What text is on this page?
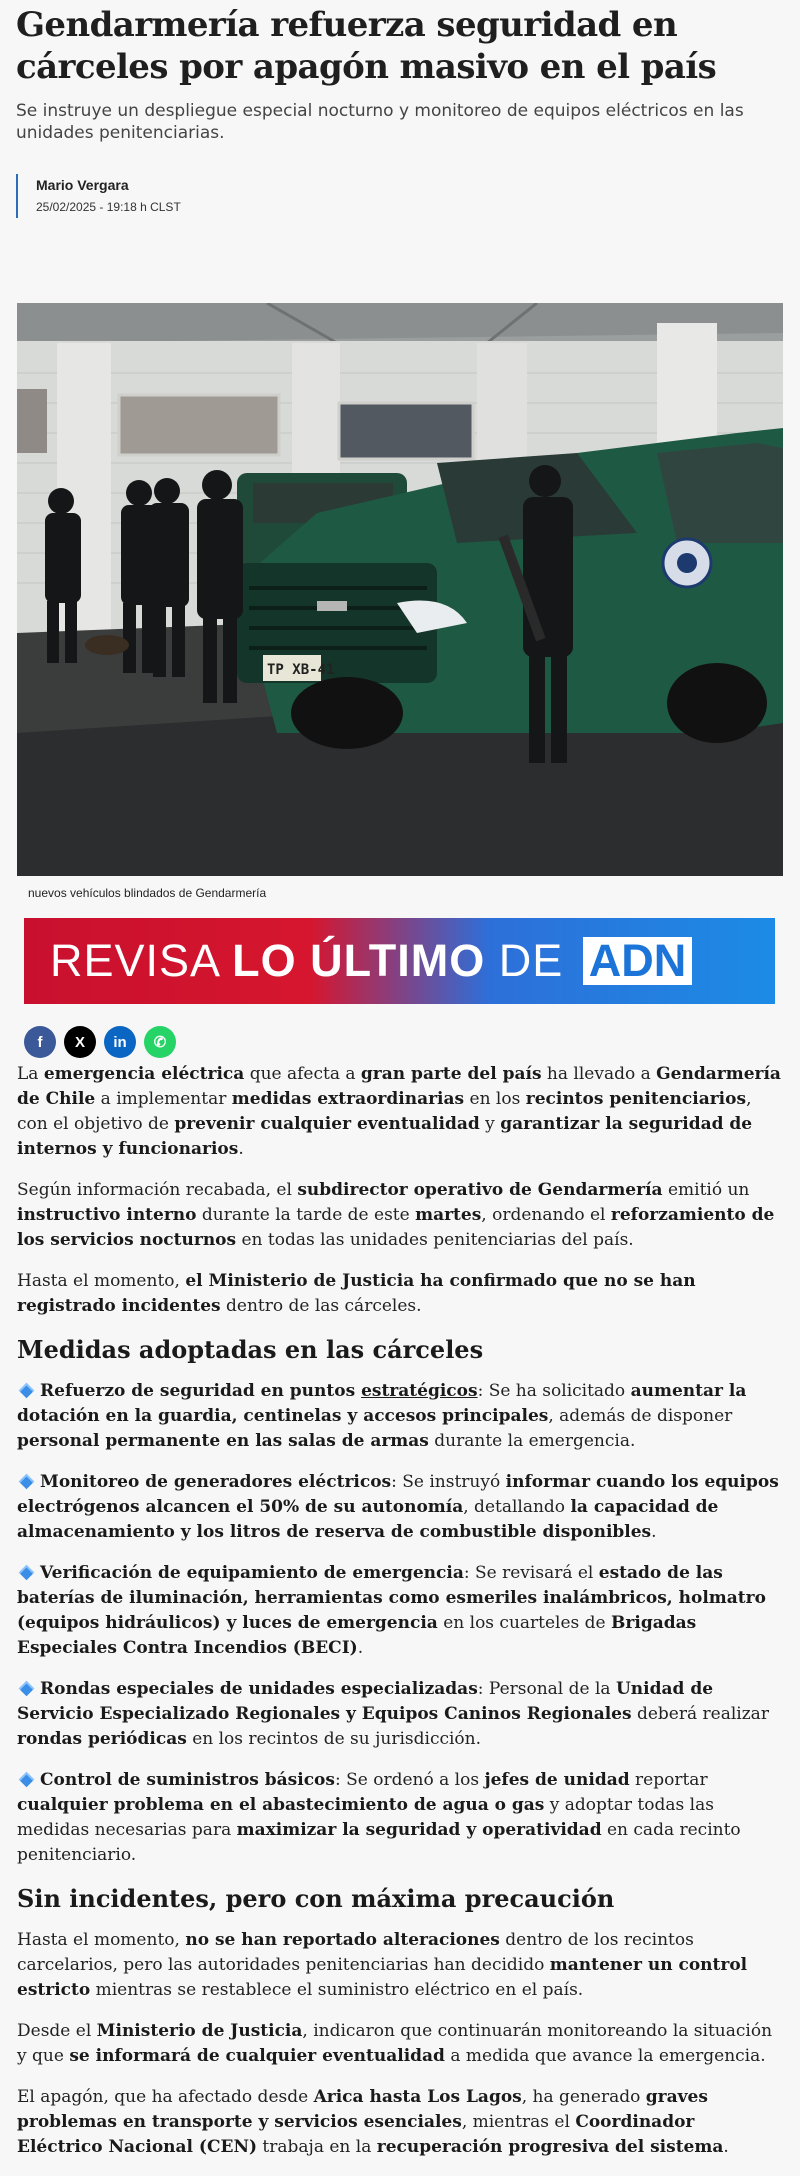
Gendarmería refuerza seguridad en cárceles por apagón masivo en el país

Se instruye un despliegue especial nocturno y monitoreo de equipos eléctricos en las unidades penitenciarias.

Mario Vergara
25/02/2025 - 19:18 h CLST
TP XB-41
nuevos vehículos blindados de Gendarmería
REVISA LO ÚLTIMO DE ADN
f	X	in	✆

La emergencia eléctrica que afecta a gran parte del país ha llevado a Gendarmería de Chile a implementar medidas extraordinarias en los recintos penitenciarios, con el objetivo de prevenir cualquier eventualidad y garantizar la seguridad de internos y funcionarios.

Según información recabada, el subdirector operativo de Gendarmería emitió un instructivo interno durante la tarde de este martes, ordenando el reforzamiento de los servicios nocturnos en todas las unidades penitenciarias del país.

Hasta el momento, el Ministerio de Justicia ha confirmado que no se han registrado incidentes dentro de las cárceles.

Medidas adoptadas en las cárceles

Refuerzo de seguridad en puntos estratégicos: Se ha solicitado aumentar la dotación en la guardia, centinelas y accesos principales, además de disponer personal permanente en las salas de armas durante la emergencia.

Monitoreo de generadores eléctricos: Se instruyó informar cuando los equipos electrógenos alcancen el 50% de su autonomía, detallando la capacidad de almacenamiento y los litros de reserva de combustible disponibles.

Verificación de equipamiento de emergencia: Se revisará el estado de las baterías de iluminación, herramientas como esmeriles inalámbricos, holmatro (equipos hidráulicos) y luces de emergencia en los cuarteles de Brigadas Especiales Contra Incendios (BECI).

Rondas especiales de unidades especializadas: Personal de la Unidad de Servicio Especializado Regionales y Equipos Caninos Regionales deberá realizar rondas periódicas en los recintos de su jurisdicción.

Control de suministros básicos: Se ordenó a los jefes de unidad reportar cualquier problema en el abastecimiento de agua o gas y adoptar todas las medidas necesarias para maximizar la seguridad y operatividad en cada recinto penitenciario.

Sin incidentes, pero con máxima precaución

Hasta el momento, no se han reportado alteraciones dentro de los recintos carcelarios, pero las autoridades penitenciarias han decidido mantener un control estricto mientras se restablece el suministro eléctrico en el país.

Desde el Ministerio de Justicia, indicaron que continuarán monitoreando la situación y que se informará de cualquier eventualidad a medida que avance la emergencia.

El apagón, que ha afectado desde Arica hasta Los Lagos, ha generado graves problemas en transporte y servicios esenciales, mientras el Coordinador Eléctrico Nacional (CEN) trabaja en la recuperación progresiva del sistema.
